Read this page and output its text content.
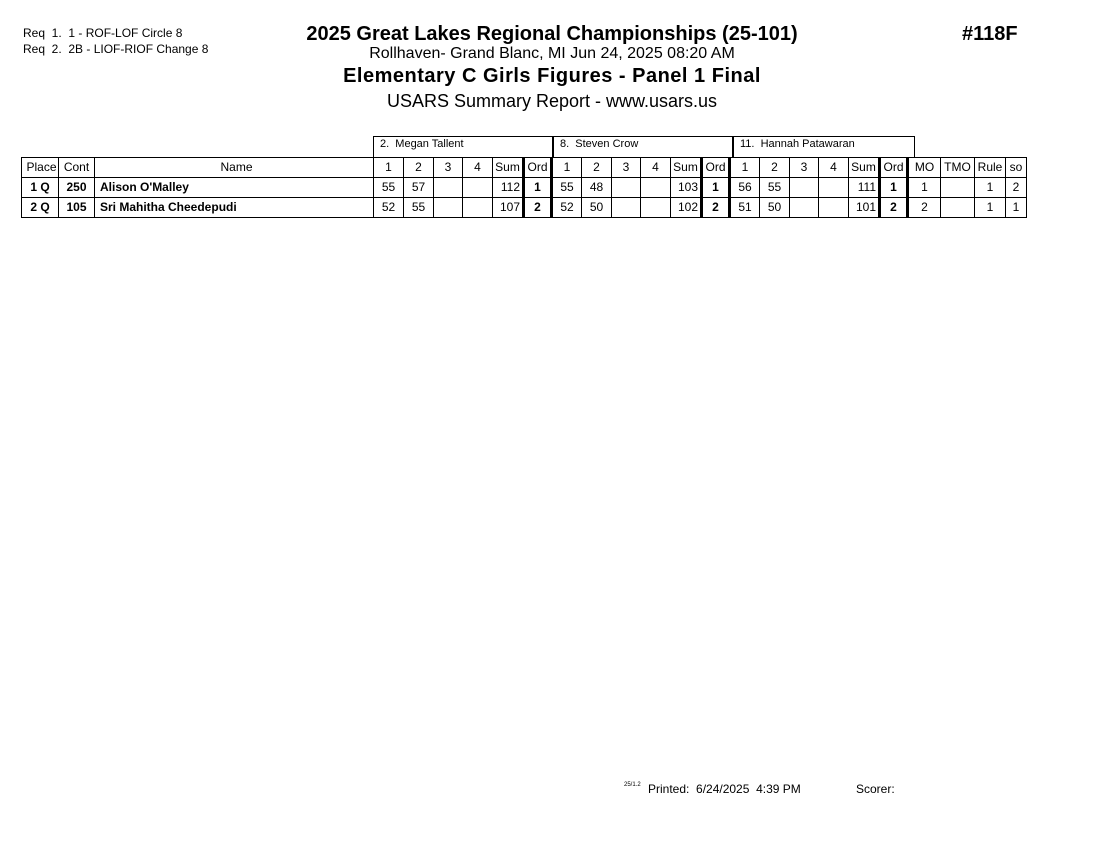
Req  1.  1 - ROF-LOF Circle 8
Req  2.  2B - LIOF-RIOF Change 8
2025 Great Lakes Regional Championships (25-101)
Rollhaven- Grand Blanc, MI Jun 24, 2025 08:20 AM
Elementary C Girls Figures - Panel 1 Final
USARS Summary Report - www.usars.us
#118F
2.  Megan Tallent	8.  Steven Crow	11.  Hannah Patawaran
Place	Cont	Name	1	2	3	4	Sum	Ord	1	2	3	4	Sum	Ord	1	2	3	4	Sum	Ord	MO	TMO	Rule	so
1 Q	250	Alison O'Malley	55	57			112	1	55	48			103	1	56	55			111	1	1		1	2
2 Q	105	Sri Mahitha Cheedepudi	52	55			107	2	52	50			102	2	51	50			101	2	2		1	1
25/1.2 Printed:  6/24/2025  4:39 PM	Scorer:
